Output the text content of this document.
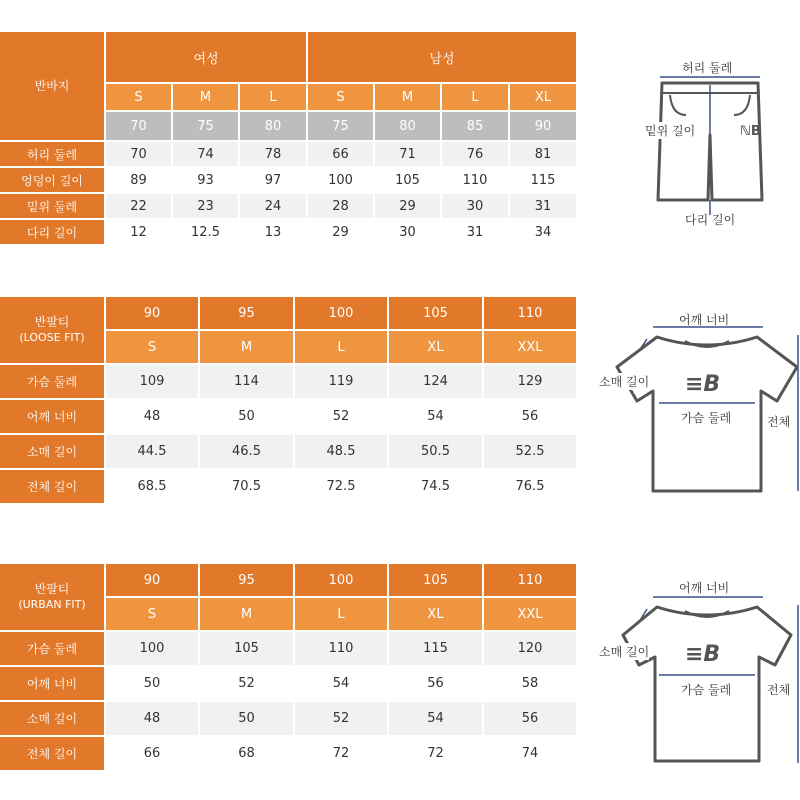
반바지
여성	남성
S	M	L	S	M	L	XL
70	75	80	75	80	85	90
허리 둘레	70	74	78	66	71	76	81
엉덩이 길이	89	93	97	100	105	110	115
밑위 둘레	22	23	24	28	29	30	31
다리 길이	12	12.5	13	29	30	31	34
반팔티
(LOOSE FIT)
90	95	100	105	110
S	M	L	XL	XXL
가슴 둘레	109	114	119	124	129
어깨 너비	48	50	52	54	56
소매 길이	44.5	46.5	48.5	50.5	52.5
전체 길이	68.5	70.5	72.5	74.5	76.5
반팔티
(URBAN FIT)
90	95	100	105	110
S	M	L	XL	XXL
가슴 둘레	100	105	110	115	120
어깨 너비	50	52	54	56	58
소매 길이	48	50	52	54	56
전체 길이	66	68	72	72	74
ℕB
허리 둘레
밑위 길이
다리 길이
≡B
어깨 너비
소매 길이
가슴 둘레	전체
≡B
어깨 너비
소매 길이
가슴 둘레	전체
